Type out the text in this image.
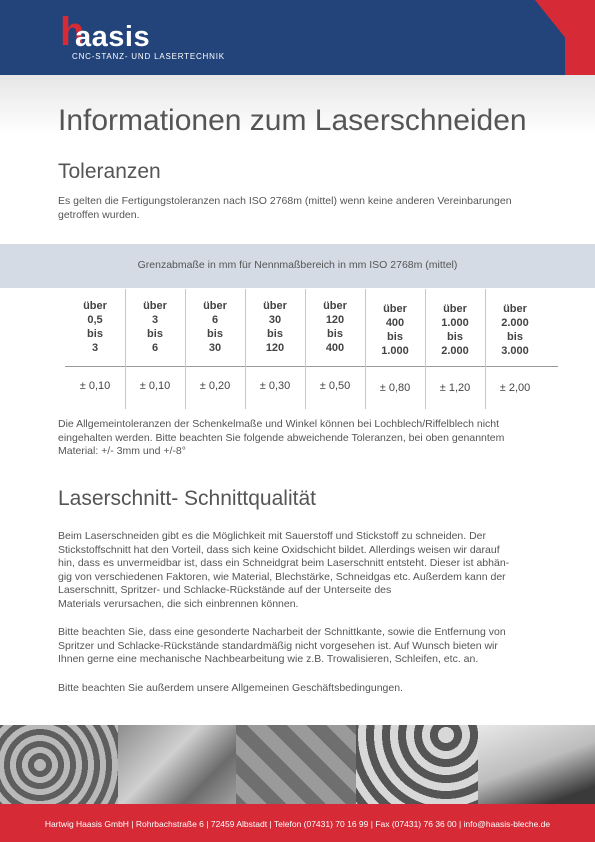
h
aasis
CNC-STANZ- UND LASERTECHNIK
Informationen zum Laserschneiden
Toleranzen

Es gelten die Fertigungstoleranzen nach ISO 2768m (mittel) wenn keine anderen Vereinbarungen

getroffen wurden.

Grenzabmaße in mm für Nennmaßbereich in mm ISO 2768m (mittel)
über
0,5
bis
3
± 0,10
über
3
bis
6
± 0,10
über
6
bis
30
± 0,20
über
30
bis
120
± 0,30
über
120
bis
400
± 0,50
über
400
bis
1.000
± 0,80
über
1.000
bis
2.000
± 1,20
über
2.000
bis
3.000
± 2,00

Die Allgemeintoleranzen der Schenkelmaße und Winkel können bei Lochblech/Riffelblech nicht

eingehalten werden. Bitte beachten Sie folgende abweichende Toleranzen, bei oben genanntem

Material: +/- 3mm und +/-8°

Laserschnitt- Schnittqualität

Beim Laserschneiden gibt es die Möglichkeit mit Sauerstoff und Stickstoff zu schneiden. Der

Stickstoffschnitt hat den Vorteil, dass sich keine Oxidschicht bildet. Allerdings weisen wir darauf

hin, dass es unvermeidbar ist, dass ein Schneidgrat beim Laserschnitt entsteht. Dieser ist abhän-

gig von verschiedenen Faktoren, wie Material, Blechstärke, Schneidgas etc. Außerdem kann der

Laserschnitt, Spritzer- und Schlacke-Rückstände auf der Unterseite des

Materials verursachen, die sich einbrennen können.

Bitte beachten Sie, dass eine gesonderte Nacharbeit der Schnittkante, sowie die Entfernung von

Spritzer und Schlacke-Rückstände standardmäßig nicht vorgesehen ist. Auf Wunsch bieten wir

Ihnen gerne eine mechanische Nachbearbeitung wie z.B. Trowalisieren, Schleifen, etc. an.

Bitte beachten Sie außerdem unsere Allgemeinen Geschäftsbedingungen.

Hartwig Haasis GmbH | Rohrbachstraße 6 | 72459 Albstadt | Telefon (07431) 70 16 99 | Fax (07431) 76 36 00 | info@haasis-bleche.de
